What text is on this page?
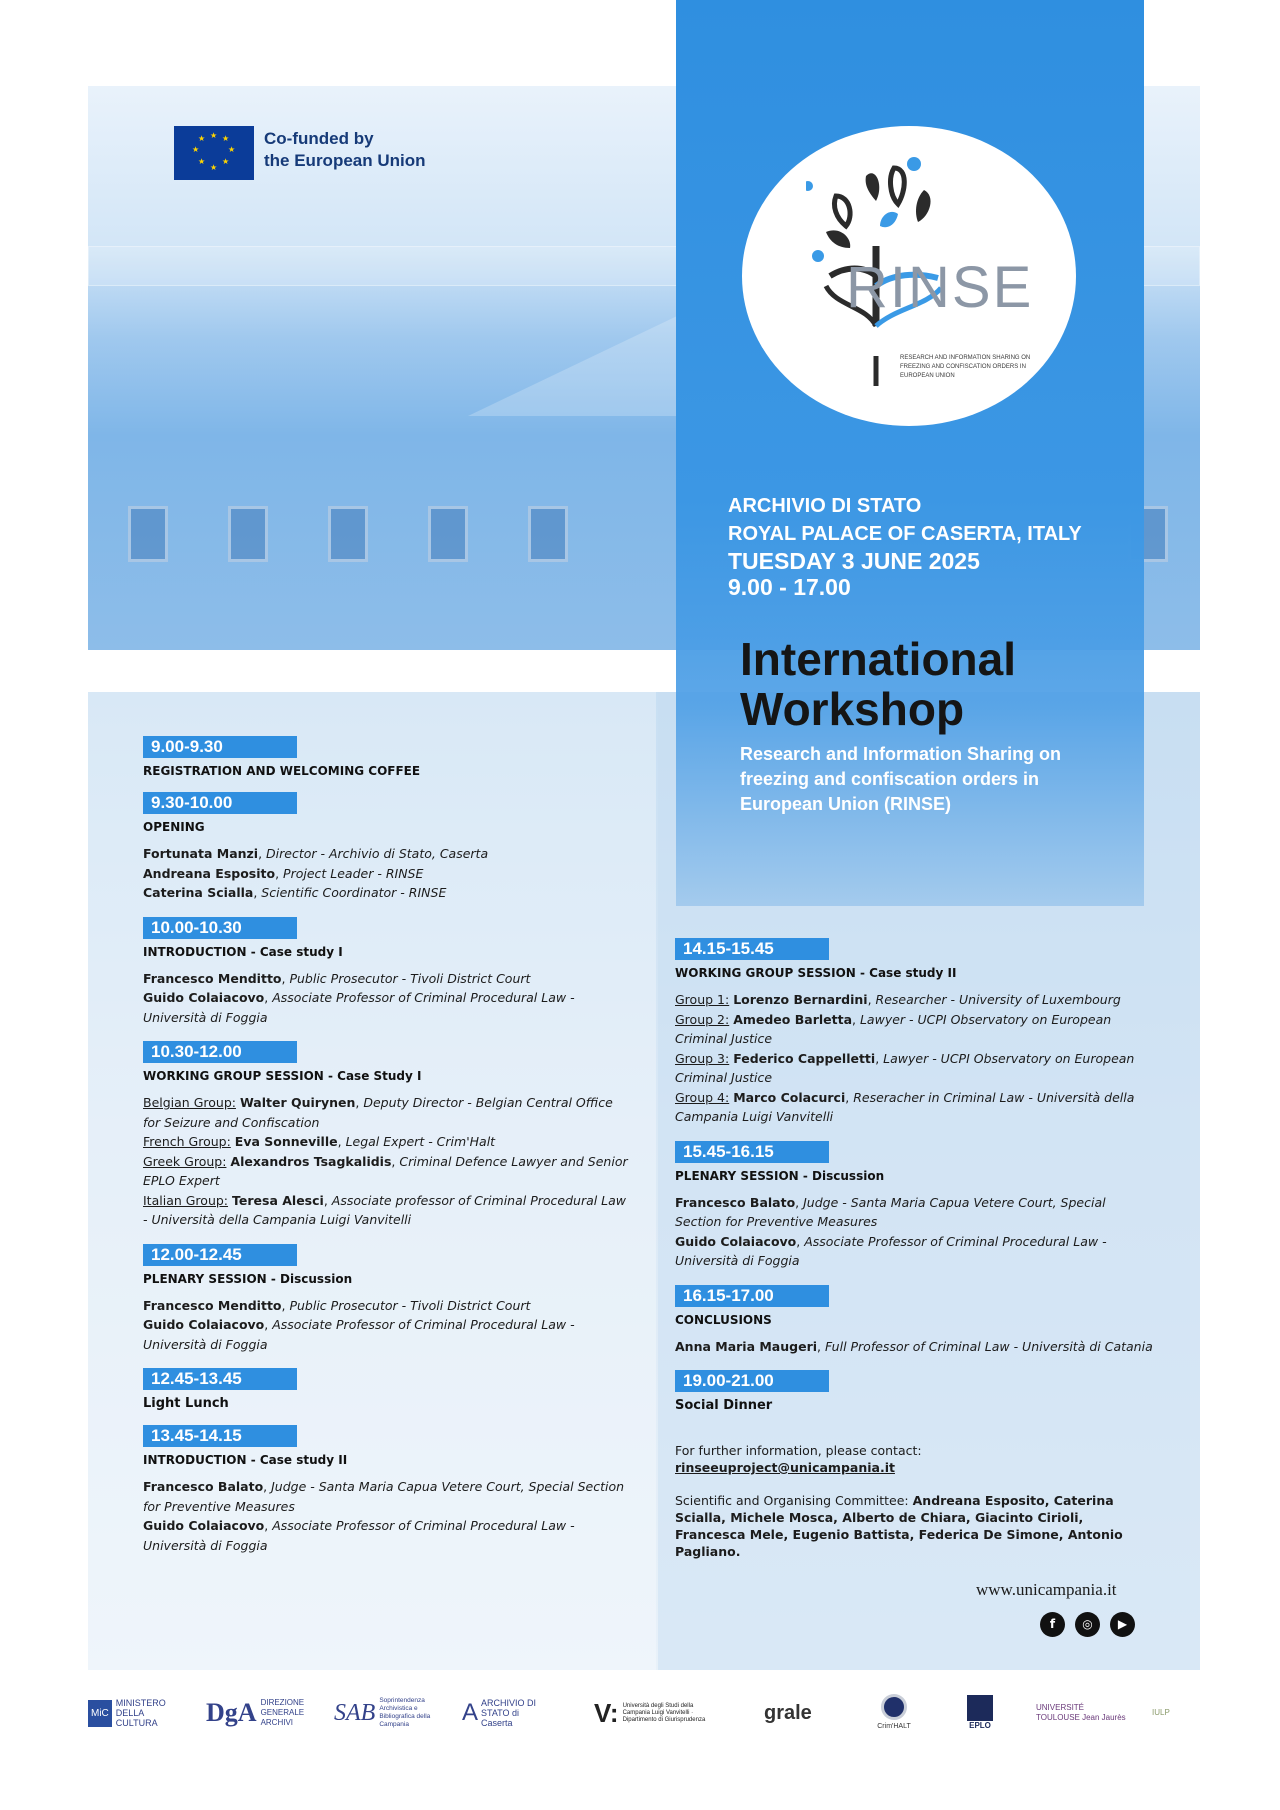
★ ★
★
★
★
★
★
★	Co-funded by
the European Union
RINSE
RESEARCH AND INFORMATION SHARING ON FREEZING AND CONFISCATION ORDERS IN EUROPEAN UNION
ARCHIVIO DI STATO
ROYAL PALACE OF CASERTA, ITALY
TUESDAY 3 JUNE 2025
9.00 - 17.00
International
Workshop
Research and Information Sharing on freezing and confiscation orders in European Union (RINSE)
9.00-9.30
REGISTRATION AND WELCOMING COFFEE
9.30-10.00
OPENING
Fortunata Manzi, Director - Archivio di Stato, Caserta
Andreana Esposito, Project Leader - RINSE
Caterina Scialla, Scientific Coordinator - RINSE
10.00-10.30
INTRODUCTION - Case study I
Francesco Menditto, Public Prosecutor - Tivoli District Court
Guido Colaiacovo, Associate Professor of Criminal Procedural Law - Università di Foggia
10.30-12.00
WORKING GROUP SESSION - Case Study I
Belgian Group: Walter Quirynen, Deputy Director - Belgian Central Office for Seizure and Confiscation
French Group: Eva Sonneville, Legal Expert - Crim'Halt
Greek Group: Alexandros Tsagkalidis, Criminal Defence Lawyer and Senior EPLO Expert
Italian Group: Teresa Alesci, Associate professor of Criminal Procedural Law - Università della Campania Luigi Vanvitelli
12.00-12.45
PLENARY SESSION - Discussion
Francesco Menditto, Public Prosecutor - Tivoli District Court
Guido Colaiacovo, Associate Professor of Criminal Procedural Law - Università di Foggia
12.45-13.45
Light Lunch
13.45-14.15
INTRODUCTION - Case study II
Francesco Balato, Judge - Santa Maria Capua Vetere Court, Special Section for Preventive Measures
Guido Colaiacovo, Associate Professor of Criminal Procedural Law - Università di Foggia
14.15-15.45
WORKING GROUP SESSION - Case study II
Group 1: Lorenzo Bernardini, Researcher - University of Luxembourg
Group 2: Amedeo Barletta, Lawyer - UCPI Observatory on European Criminal Justice
Group 3: Federico Cappelletti, Lawyer - UCPI Observatory on European Criminal Justice
Group 4: Marco Colacurci, Reseracher in Criminal Law - Università della Campania Luigi Vanvitelli
15.45-16.15
PLENARY SESSION - Discussion
Francesco Balato, Judge - Santa Maria Capua Vetere Court, Special Section for Preventive Measures
Guido Colaiacovo, Associate Professor of Criminal Procedural Law - Università di Foggia
16.15-17.00
CONCLUSIONS
Anna Maria Maugeri, Full Professor of Criminal Law - Università di Catania
19.00-21.00
Social Dinner
For further information, please contact:
rinseeuproject@unicampania.it
Scientific and Organising Committee: Andreana Esposito, Caterina Scialla, Michele Mosca, Alberto de Chiara, Giacinto Cirioli, Francesca Mele, Eugenio Battista, Federica De Simone, Antonio Pagliano.
www.unicampania.it
f	◎	▶
MiC
MINISTERO DELLA CULTURA	DgA DIREZIONE GENERALE ARCHIVI	SAB Soprintendenza Archivistica e Bibliografica della Campania	A ARCHIVIO DI STATO di Caserta	V: Università degli Studi della Campania Luigi Vanvitelli · Dipartimento di Giurisprudenza	grale
Crim'HALT	EPLO
UNIVERSITÉ TOULOUSE Jean Jaurès
IULP
